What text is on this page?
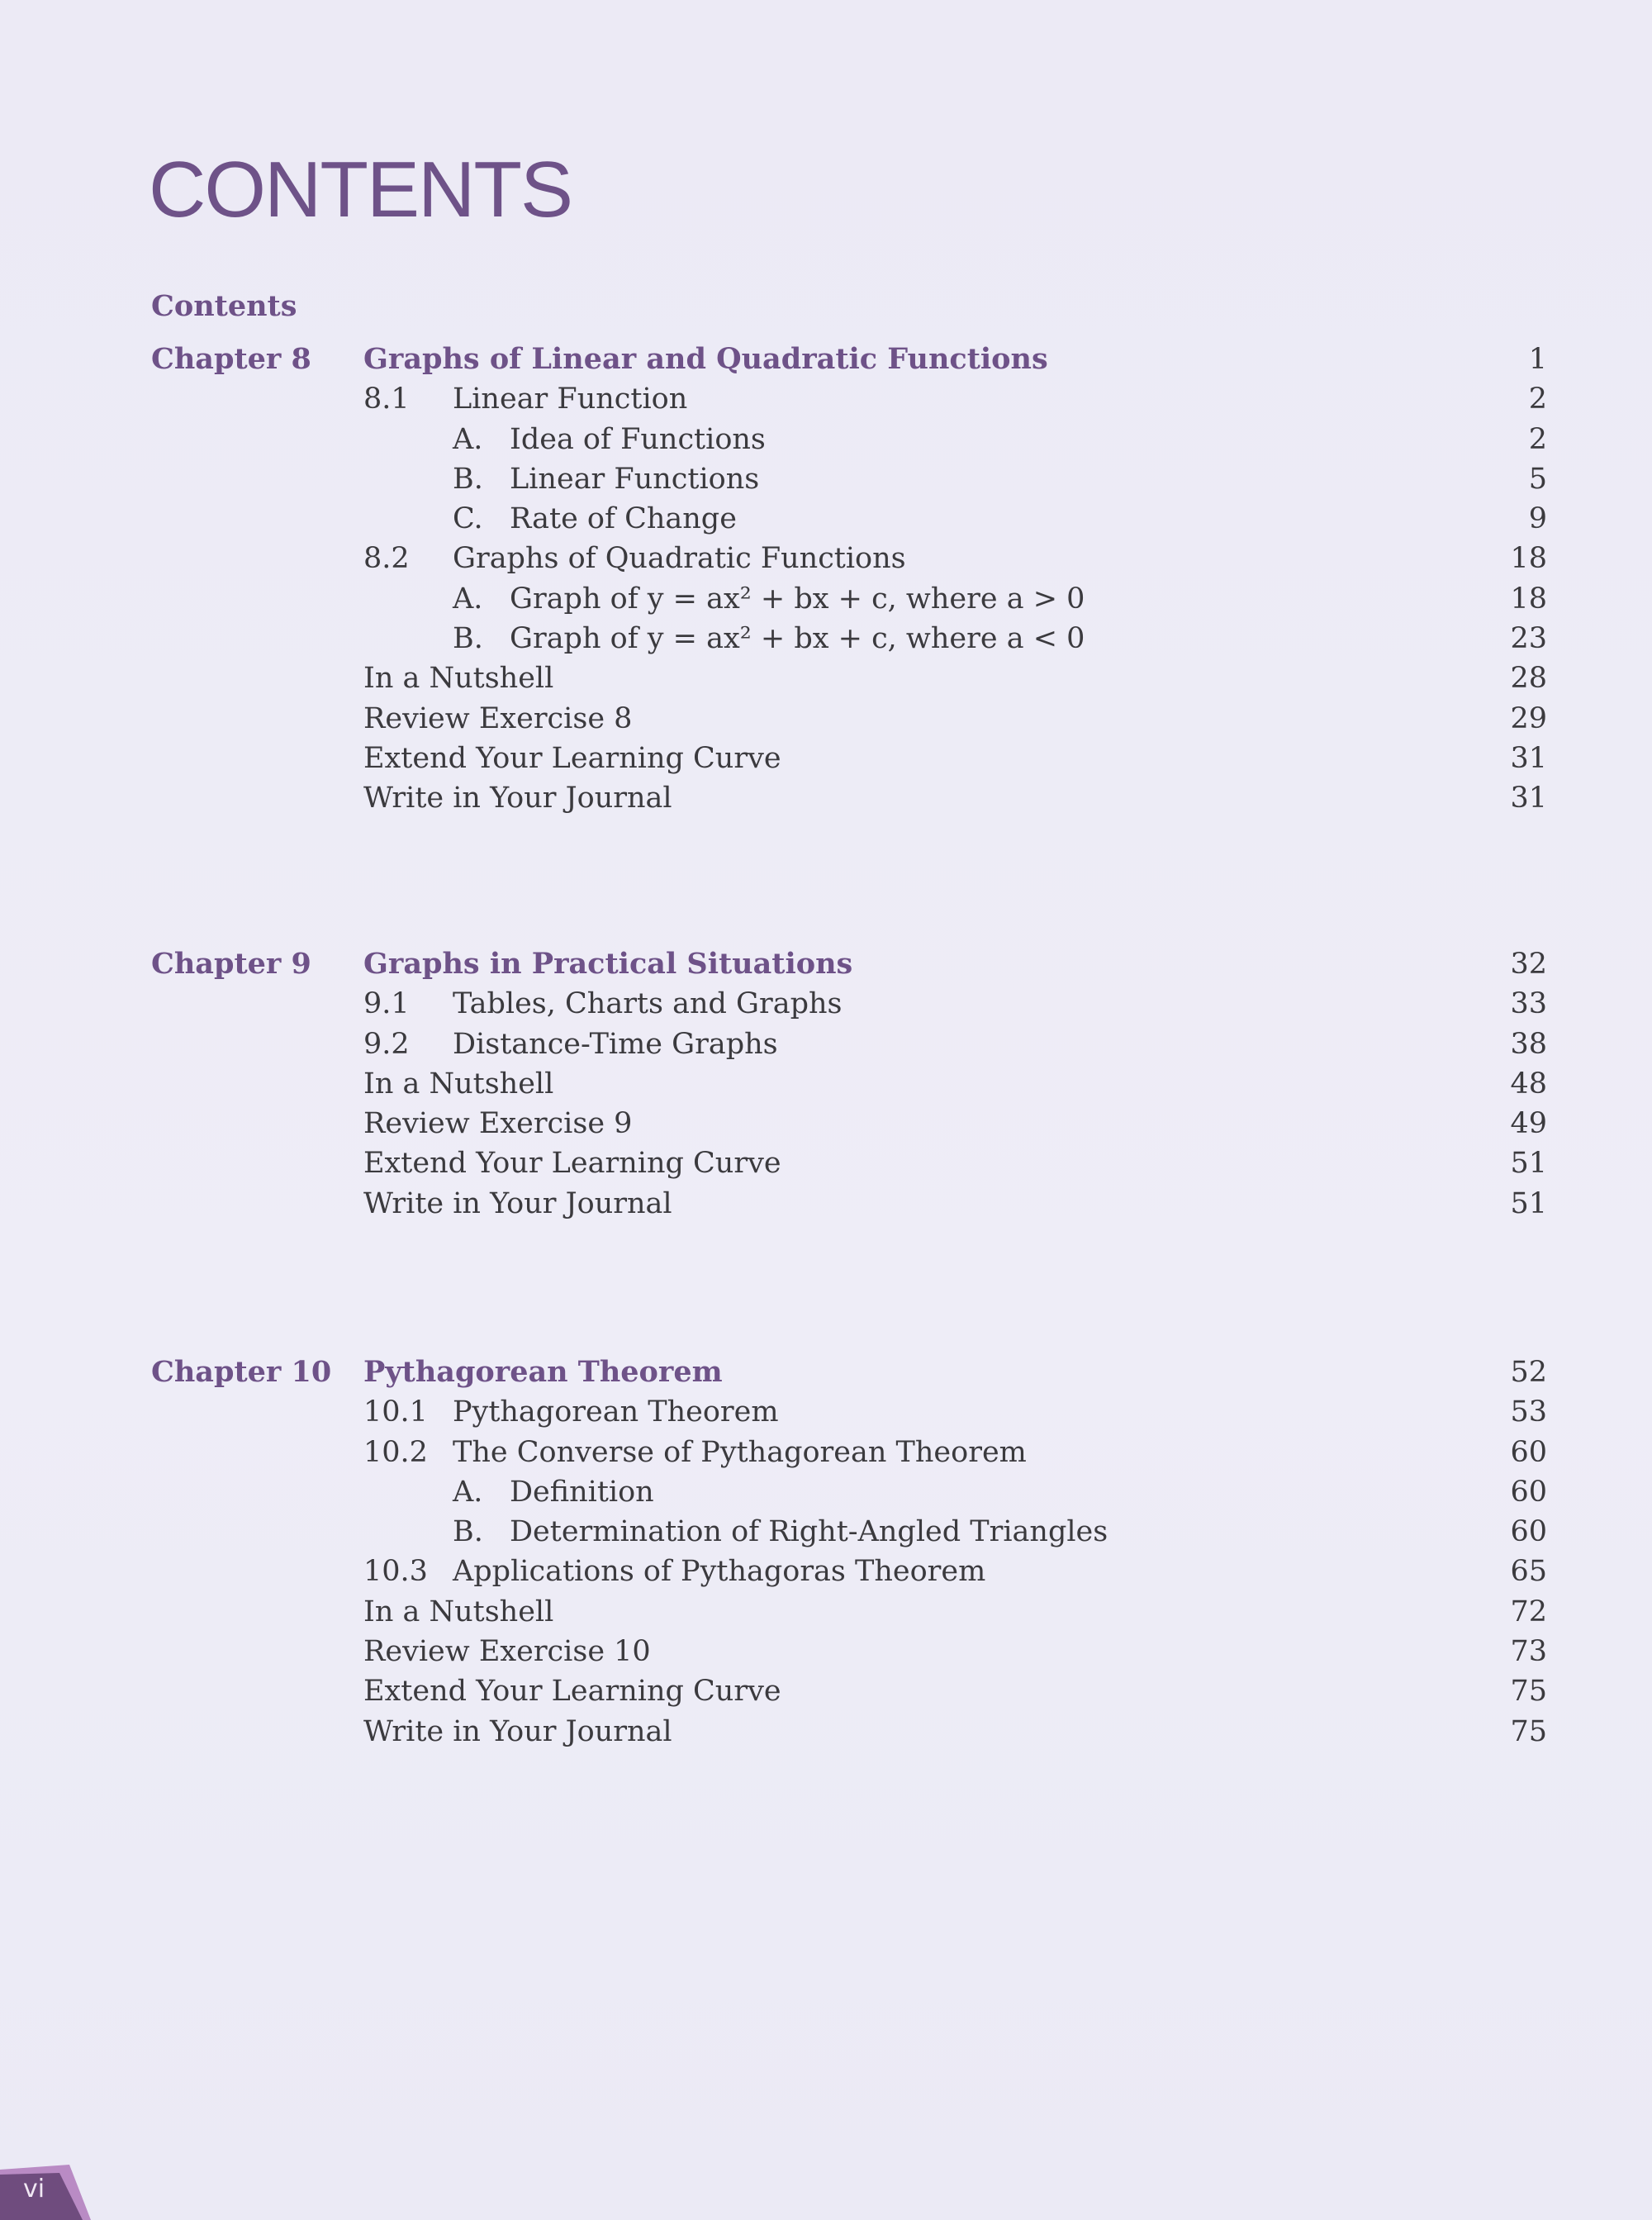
CONTENTS
Contents
Chapter 8 Graphs of Linear and Quadratic Functions	1
8.1 Linear Function	2
A. Idea of Functions	2
B. Linear Functions	5
C. Rate of Change	9
8.2 Graphs of Quadratic Functions	18
A. Graph of y = ax² + bx + c, where a > 0	18
B. Graph of y = ax² + bx + c, where a < 0	23
In a Nutshell	28
Review Exercise 8	29
Extend Your Learning Curve	31
Write in Your Journal	31
Chapter 9 Graphs in Practical Situations	32
9.1 Tables, Charts and Graphs	33
9.2 Distance-Time Graphs	38
In a Nutshell	48
Review Exercise 9	49
Extend Your Learning Curve	51
Write in Your Journal	51
Chapter 10 Pythagorean Theorem	52
10.1 Pythagorean Theorem	53
10.2 The Converse of Pythagorean Theorem	60
A. Definition	60
B. Determination of Right-Angled Triangles	60
10.3 Applications of Pythagoras Theorem	65
In a Nutshell	72
Review Exercise 10	73
Extend Your Learning Curve	75
Write in Your Journal	75
vi
